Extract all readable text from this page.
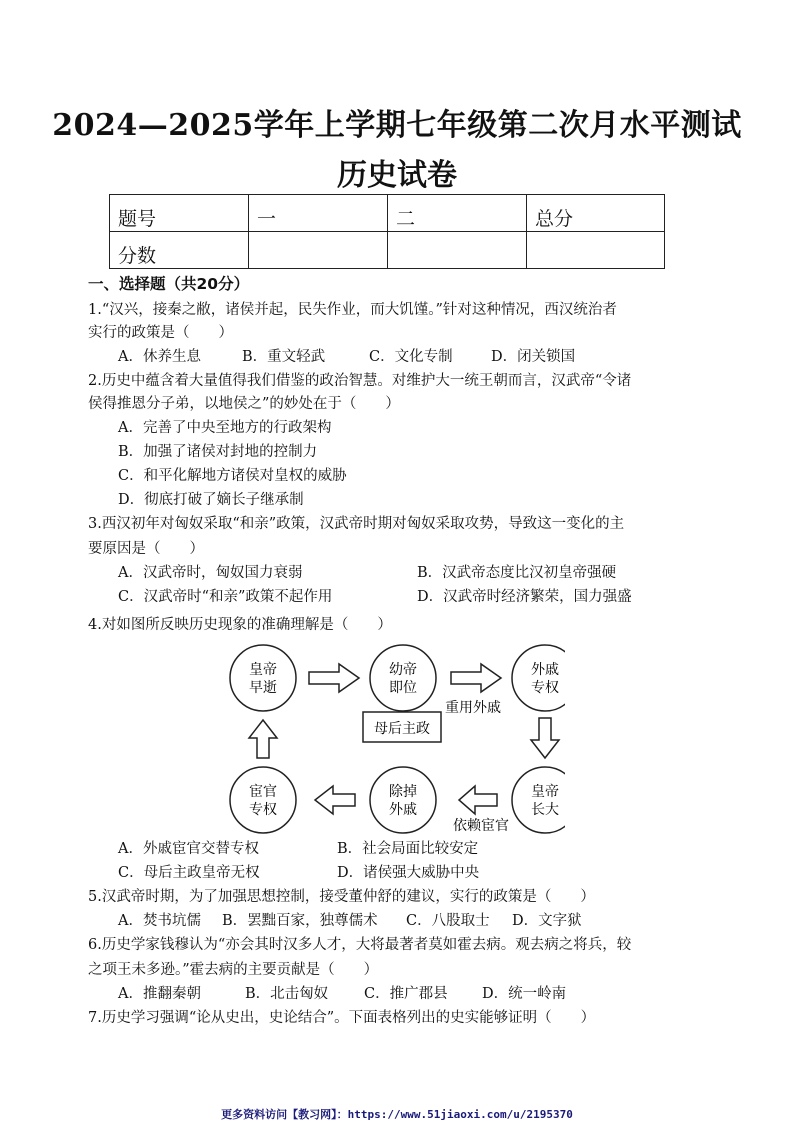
2024—2025学年上学期七年级第二次月水平测试
历史试卷
题号	一	二	总分
分数			
一、选择题（共20分）
1.“汉兴，接秦之敝，诸侯并起，民失作业，而大饥馑。”针对这种情况，西汉统治者
实行的政策是（　　）
A．休养生息	B．重文轻武	C．文化专制	D．闭关锁国
2.历史中蕴含着大量值得我们借鉴的政治智慧。对维护大一统王朝而言，汉武帝“令诸
侯得推恩分子弟，以地侯之”的妙处在于（　　）
A．完善了中央至地方的行政架构
B．加强了诸侯对封地的控制力
C．和平化解地方诸侯对皇权的威胁
D．彻底打破了嫡长子继承制
3.西汉初年对匈奴采取“和亲”政策，汉武帝时期对匈奴采取攻势，导致这一变化的主
要原因是（　　）
A．汉武帝时，匈奴国力衰弱	B．汉武帝态度比汉初皇帝强硬
C．汉武帝时“和亲”政策不起作用	D．汉武帝时经济繁荣，国力强盛
4.对如图所反映历史现象的准确理解是（　　）
皇帝
早逝
幼帝
即位
外戚
专权
皇帝
长大
除掉
外戚
宦官
专权
母后主政
重用外戚
依赖宦官
A．外戚宦官交替专权	B．社会局面比较安定
C．母后主政皇帝无权	D．诸侯强大威胁中央
5.汉武帝时期，为了加强思想控制，接受董仲舒的建议，实行的政策是（　　）
A．焚书坑儒 B．罢黜百家，独尊儒术 C．八股取士 D．文字狱
6.历史学家钱穆认为“亦会其时汉多人才，大将最著者莫如霍去病。观去病之将兵，较
之项王未多逊。”霍去病的主要贡献是（　　）
A．推翻秦朝	B．北击匈奴 C．推广郡县 D．统一岭南
7.历史学习强调“论从史出，史论结合”。下面表格列出的史实能够证明（　　）
更多资料访问【教习网】：https://www.51jiaoxi.com/u/2195370
